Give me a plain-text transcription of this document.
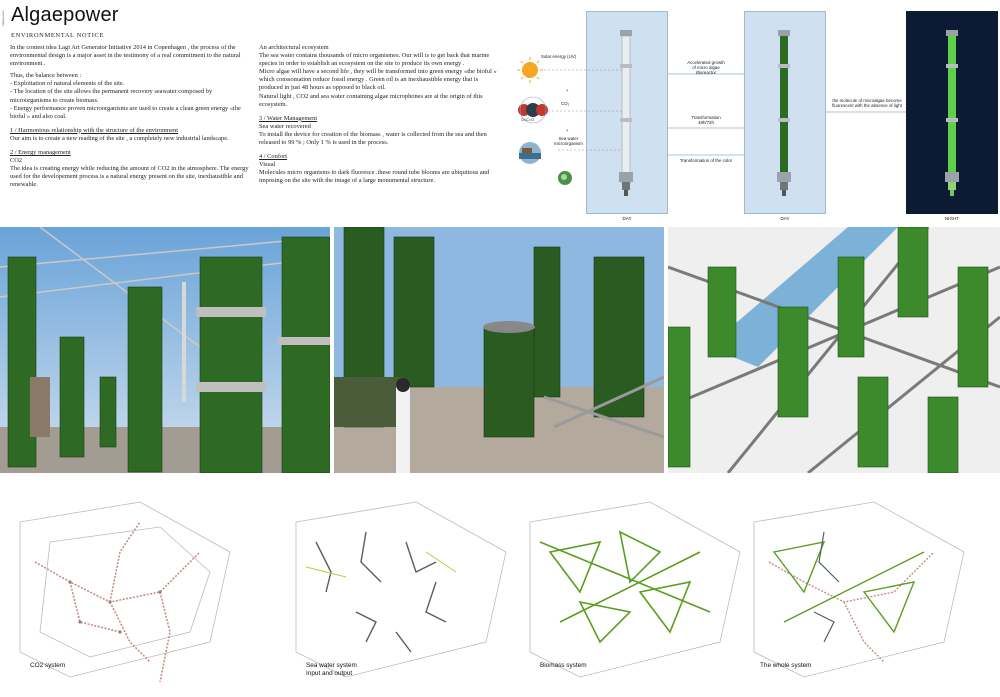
Algaepower Algaepower
ENVIRONMENTAL NOTICE

In the contest idea Lagi Art Generator Initiative 2014 in Copenhagen , the process of the environmental design is a major asset in the testimony of a real commitment to the natural environment .

Thus, the balance between :

- Exploitation of natural elements of the site.

- The location of the site allows the permanent recovery seawater composed by microorganisms to create biomass.

- Energy performance proven microorganisms are used to create a clean green energy «the bioful » and also coal.

1 / Harmonious relationship with the structure of the environment

Our aim is to create a new reading of the site , a completely new industrial landscape.

2 / Energy management

CO2

The idea is creating energy while reducing the amount of CO2 in the atmosphere. The energy used for the developement process is a natural energy present on the site, inexhaustible and renewable.

An architectural ecosystem

The sea water contains thousands of micro organismes. Our will is to get back that marine species in order to establish an ecosystem on the site to produce its own energy .

Micro algae will have a second life , they will be transformed into green energy «the bioful » which conssomation reduce fossil energy . Green oil is an inexhaustible energy that is produced in just 48 hours as opposed to black oil.

Natural light , CO2 and sea water containing algae microphones are at the origin of this ecosystem.

3 / Water Management

Sea water recovered

To install the device for creation of the biomass , water is collected from the sea and then released to 99 % ; Only 1 % is used in the process.

4 / Confort

Visual

Molecules micro organisms to dark fluoresce .these round tube blooms are ubiquitous and imposing on the site with the image of a large monumental structure.

Solar energy (UV)
+
CO₂
O=C=O
+
Sea water
microorganism
Accelerated growth
of micro algae
Bioreactor
Transformation
48h/72h
Transformation of the color
the molecule of microalgae become
fluorescent with the absence of light
DAY	DAY	NIGHT
CO2 system	Sea water system
Input and output
Biomass system	The whole system
